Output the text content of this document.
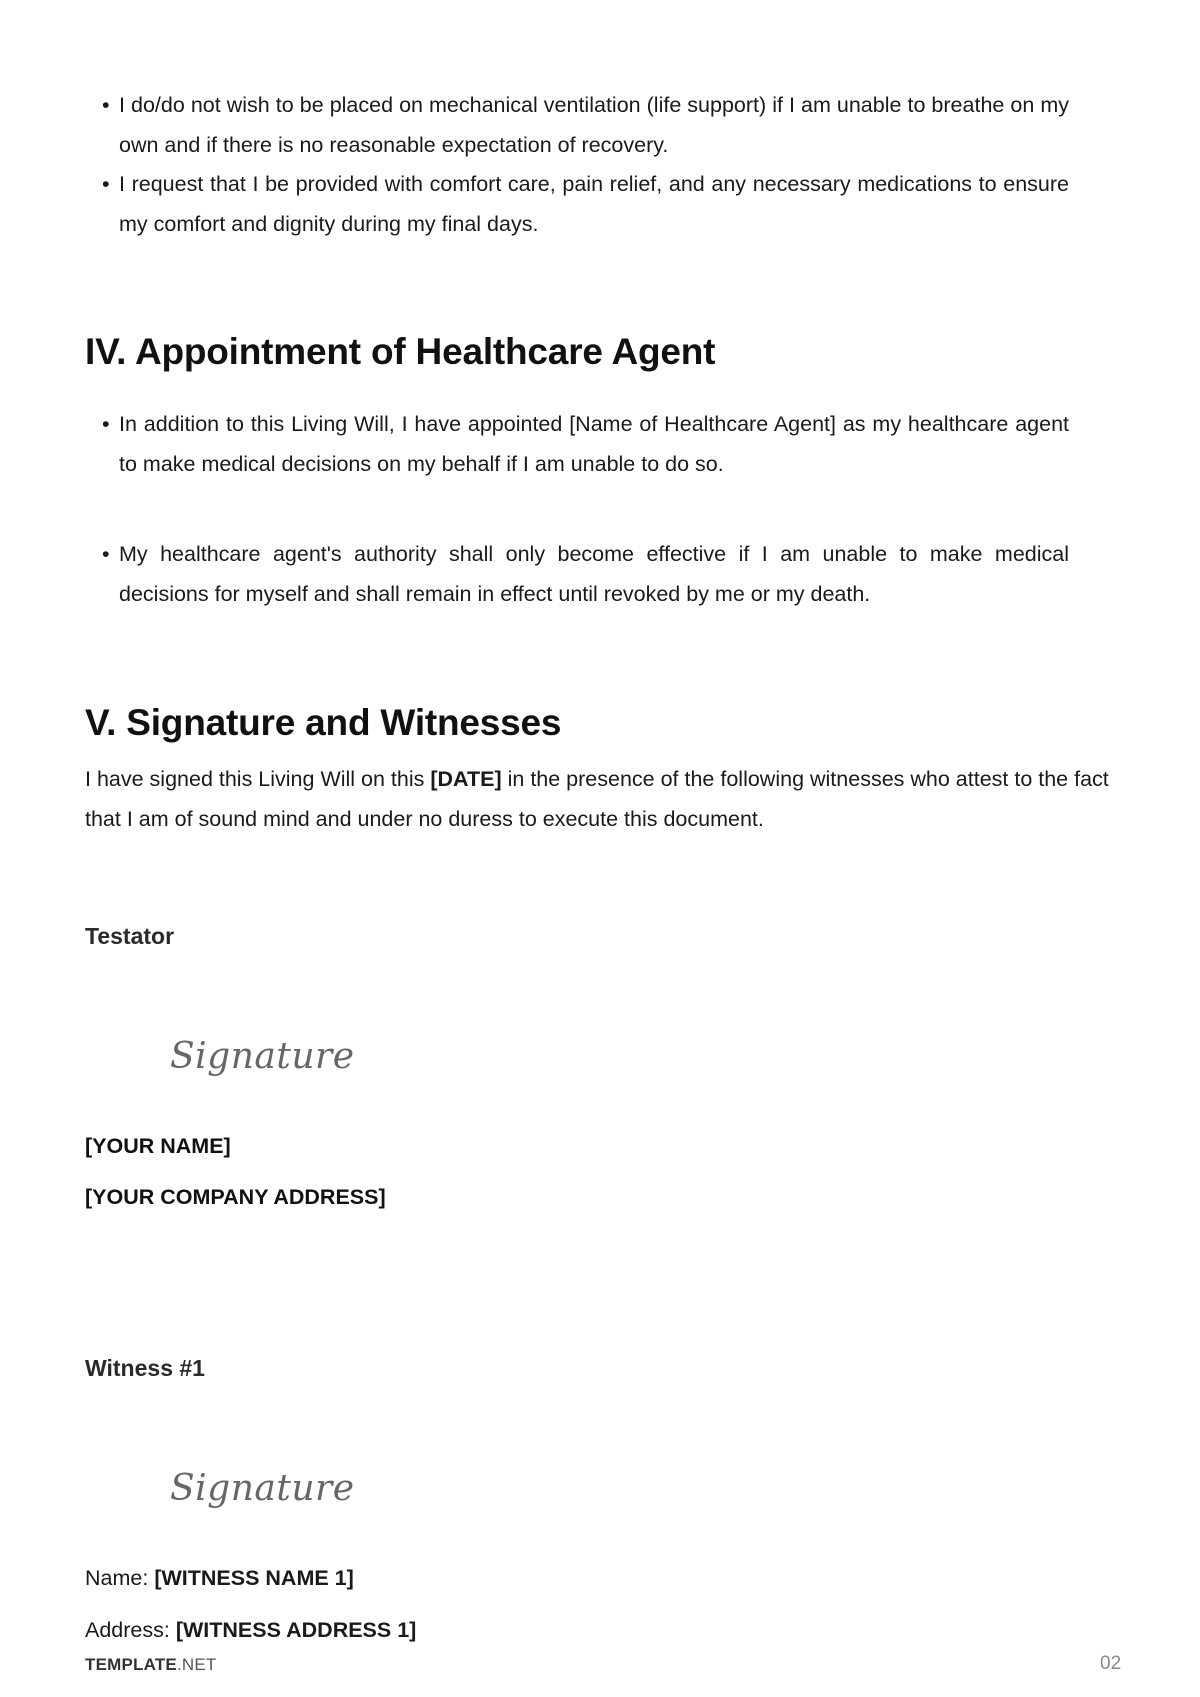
• I do/do not wish to be placed on mechanical ventilation (life support) if I am unable to breathe on my own and if there is no reasonable expectation of recovery.
• I request that I be provided with comfort care, pain relief, and any necessary medications to ensure my comfort and dignity during my final days.
IV. Appointment of Healthcare Agent
• In addition to this Living Will, I have appointed [Name of Healthcare Agent] as my healthcare agent to make medical decisions on my behalf if I am unable to do so.
• My healthcare agent's authority shall only become effective if I am unable to make medical decisions for myself and shall remain in effect until revoked by me or my death.
V. Signature and Witnesses

I have signed this Living Will on this [DATE] in the presence of the following witnesses who attest to the fact that I am of sound mind and under no duress to execute this document.

Testator
Signature
[YOUR NAME]
[YOUR COMPANY ADDRESS]
Witness #1
Signature
Name: [WITNESS NAME 1]
Address: [WITNESS ADDRESS 1]
TEMPLATE.NET	02
